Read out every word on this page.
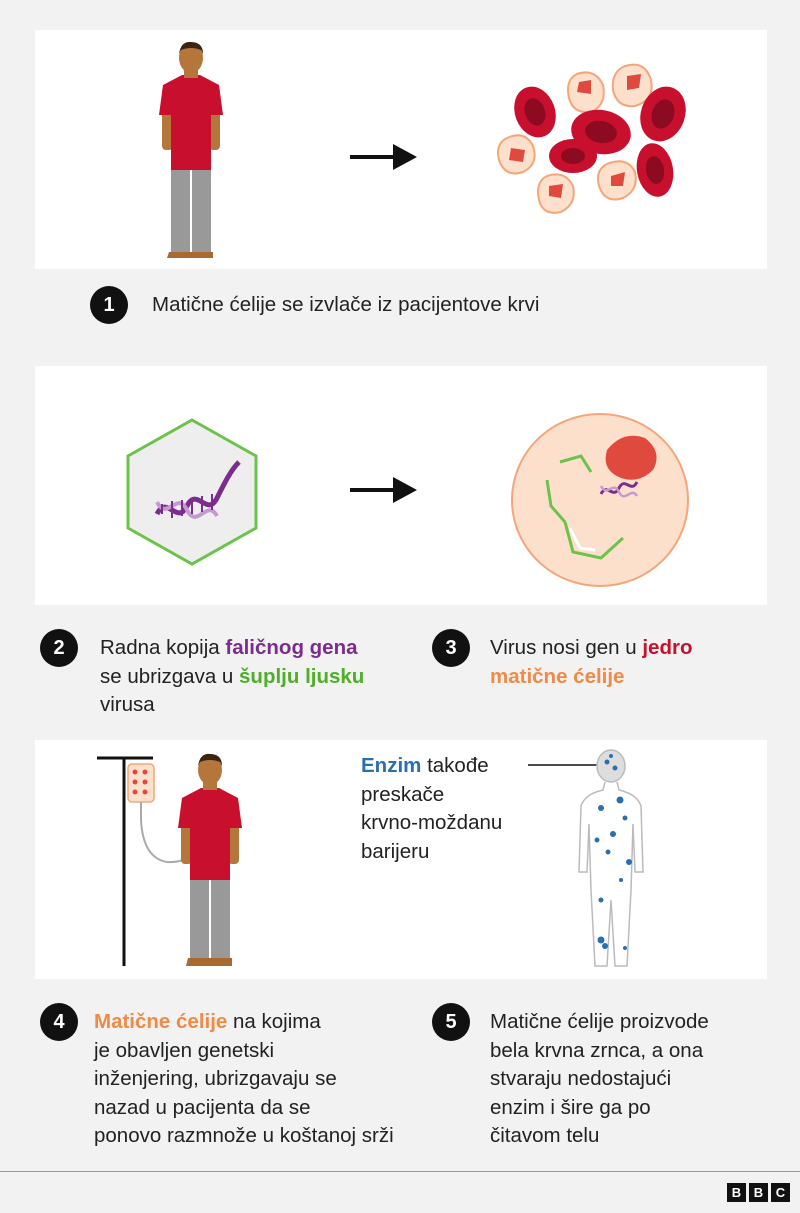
1	Matične ćelije se izvlače iz pacijentove krvi
2	Radna kopija faličnog gena
se ubrizgava u šuplju ljusku
virusa
3	Virus nosi gen u jedro
matične ćelije
Enzim takođe
preskače
krvno-moždanu
barijeru
4	Matične ćelije na kojima
je obavljen genetski
inženjering, ubrizgavaju se
nazad u pacijenta da se
ponovo razmnože u koštanoj srži
5	Matične ćelije proizvode
bela krvna zrnca, a ona
stvaraju nedostajući
enzim i šire ga po
čitavom telu
B B C
